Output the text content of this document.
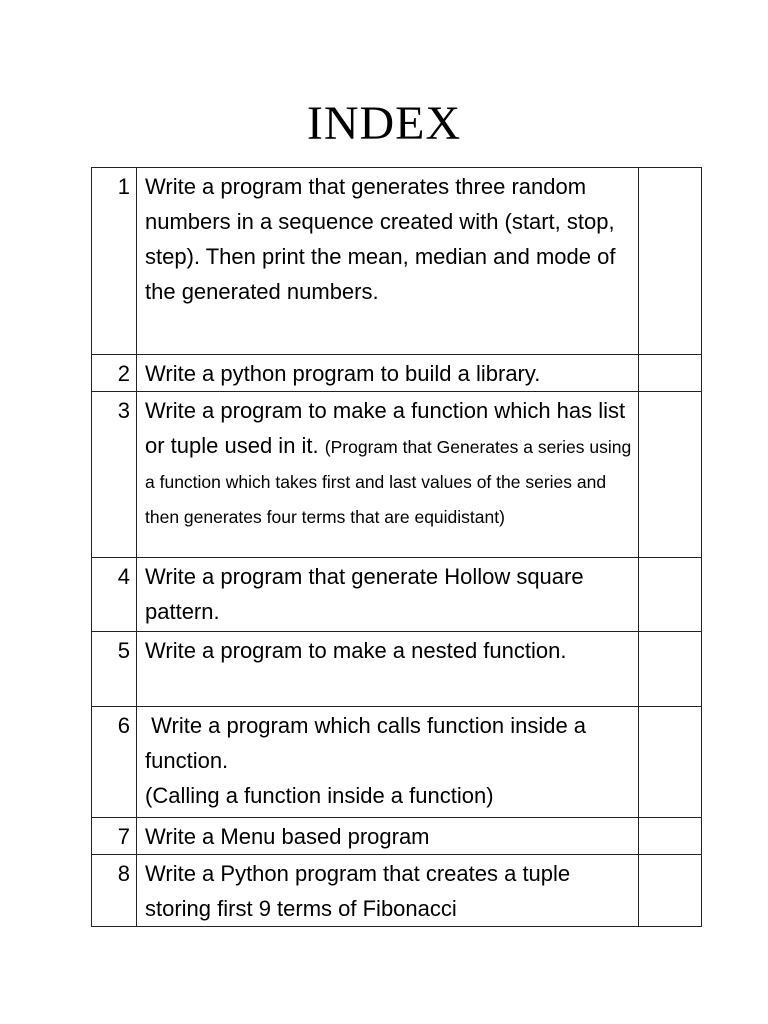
INDEX
1	Write a program that generates three random numbers in a sequence created with (start, stop, step). Then print the mean, median and mode of the generated numbers.	
2	Write a python program to build a library.	
3	Write a program to make a function which has list or tuple used in it. (Program that Generates a series using a function which takes first and last values of the series and then generates four terms that are equidistant)	
4	Write a program that generate Hollow square pattern.	
5	Write a program to make a nested function.	
6	Write a program which calls function inside a function.
(Calling a function inside a function)	

7	Write a Menu based program	
8	Write a Python program that creates a tuple storing first 9 terms of Fibonacci	
